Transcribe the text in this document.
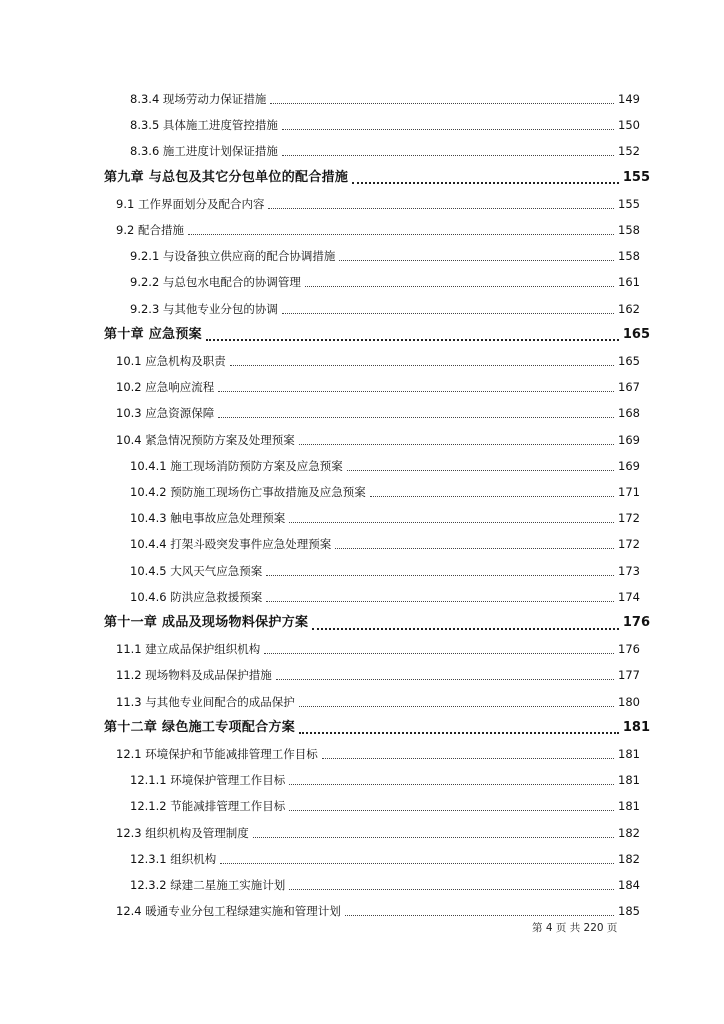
8.3.4 现场劳动力保证措施	149
8.3.5 具体施工进度管控措施	150
8.3.6 施工进度计划保证措施	152
第九章 与总包及其它分包单位的配合措施	155
9.1 工作界面划分及配合内容	155
9.2 配合措施	158
9.2.1 与设备独立供应商的配合协调措施	158
9.2.2 与总包水电配合的协调管理	161
9.2.3 与其他专业分包的协调	162
第十章 应急预案	165
10.1 应急机构及职责	165
10.2 应急响应流程	167
10.3 应急资源保障	168
10.4 紧急情况预防方案及处理预案	169
10.4.1 施工现场消防预防方案及应急预案	169
10.4.2 预防施工现场伤亡事故措施及应急预案	171
10.4.3 触电事故应急处理预案	172
10.4.4 打架斗殴突发事件应急处理预案	172
10.4.5 大风天气应急预案	173
10.4.6 防洪应急救援预案	174
第十一章 成品及现场物料保护方案	176
11.1 建立成品保护组织机构	176
11.2 现场物料及成品保护措施	177
11.3 与其他专业间配合的成品保护	180
第十二章 绿色施工专项配合方案	181
12.1 环境保护和节能减排管理工作目标	181
12.1.1 环境保护管理工作目标	181
12.1.2 节能减排管理工作目标	181
12.3 组织机构及管理制度	182
12.3.1 组织机构	182
12.3.2 绿建二星施工实施计划	184
12.4 暖通专业分包工程绿建实施和管理计划	185
第 4 页 共 220 页
